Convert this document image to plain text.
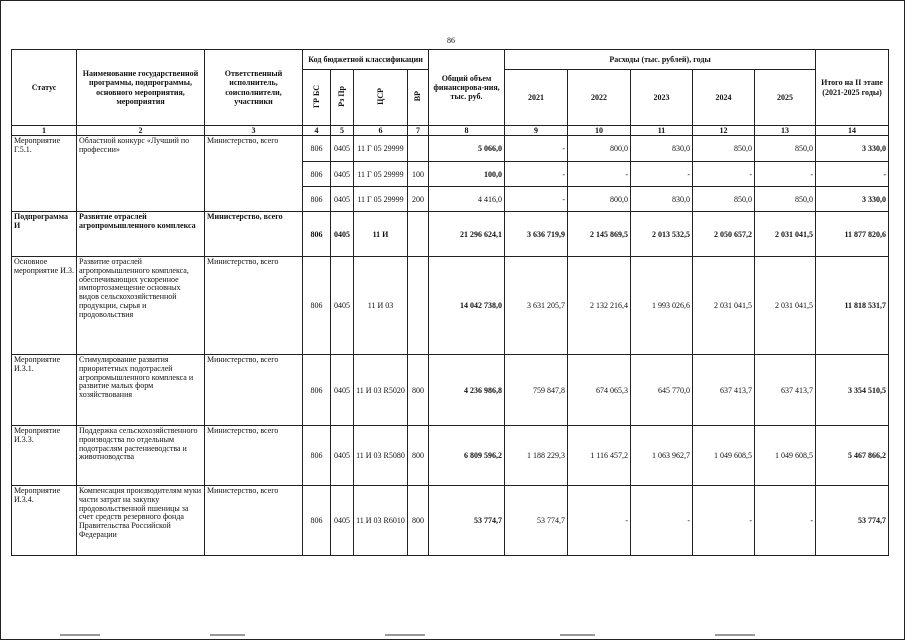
86
Статус	Наименование государственной программы, подпрограммы, основного мероприятия, мероприятия	Ответственный исполнитель, соисполнители, участники	Код бюджетной классификации				Общий объем финансирова-ния, тыс. руб.	Расходы (тыс. рублей), годы					Итого на II этапе (2021-2025 годы)
			ГР БС	Рз Пр	ЦСР	ВР		2021	2022	2023	2024	2025	
1	2	3	4	5	6	7	8	9	10	11	12	13	14
Мероприятие Г.5.1.	Областной конкурс «Лучший по профессии»	Министерство, всего	806	0405	11 Г 05 29999		5 066,0	-	800,0	830,0	850,0	850,0	3 330,0
			806	0405	11 Г 05 29999	100	100,0	-	-	-	-	-	-
			806	0405	11 Г 05 29999	200	4 416,0	-	800,0	830,0	850,0	850,0	3 330,0
Подпрограмма И	Развитие отраслей агропромышленного комплекса	Министерство, всего	806	0405	11 И		21 296 624,1	3 636 719,9	2 145 869,5	2 013 532,5	2 050 657,2	2 031 041,5	11 877 820,6
Основное мероприятие И.3.	Развитие отраслей агропромышленного комплекса, обеспечивающих ускоренное импортозамещение основных видов сельскохозяйственной продукции, сырья и продовольствия	Министерство, всего	806	0405	11 И 03		14 042 738,0	3 631 205,7	2 132 216,4	1 993 026,6	2 031 041,5	2 031 041,5	11 818 531,7
Мероприятие И.3.1.	Стимулирование развития приоритетных подотраслей агропромышленного комплекса и развитие малых форм хозяйствования	Министерство, всего	806	0405	11 И 03 R5020	800	4 236 986,8	759 847,8	674 065,3	645 770,0	637 413,7	637 413,7	3 354 510,5
Мероприятие И.3.3.	Поддержка сельскохозяйственного производства по отдельным подотраслям растениеводства и животноводства	Министерство, всего	806	0405	11 И 03 R5080	800	6 809 596,2	1 188 229,3	1 116 457,2	1 063 962,7	1 049 608,5	1 049 608,5	5 467 866,2
Мероприятие И.3.4.	Компенсация производителям муки части затрат на закупку продовольственной пшеницы за счет средств резервного фонда Правительства Российской Федерации	Министерство, всего	806	0405	11 И 03 R6010	800	53 774,7	53 774,7	-	-	-	-	53 774,7
